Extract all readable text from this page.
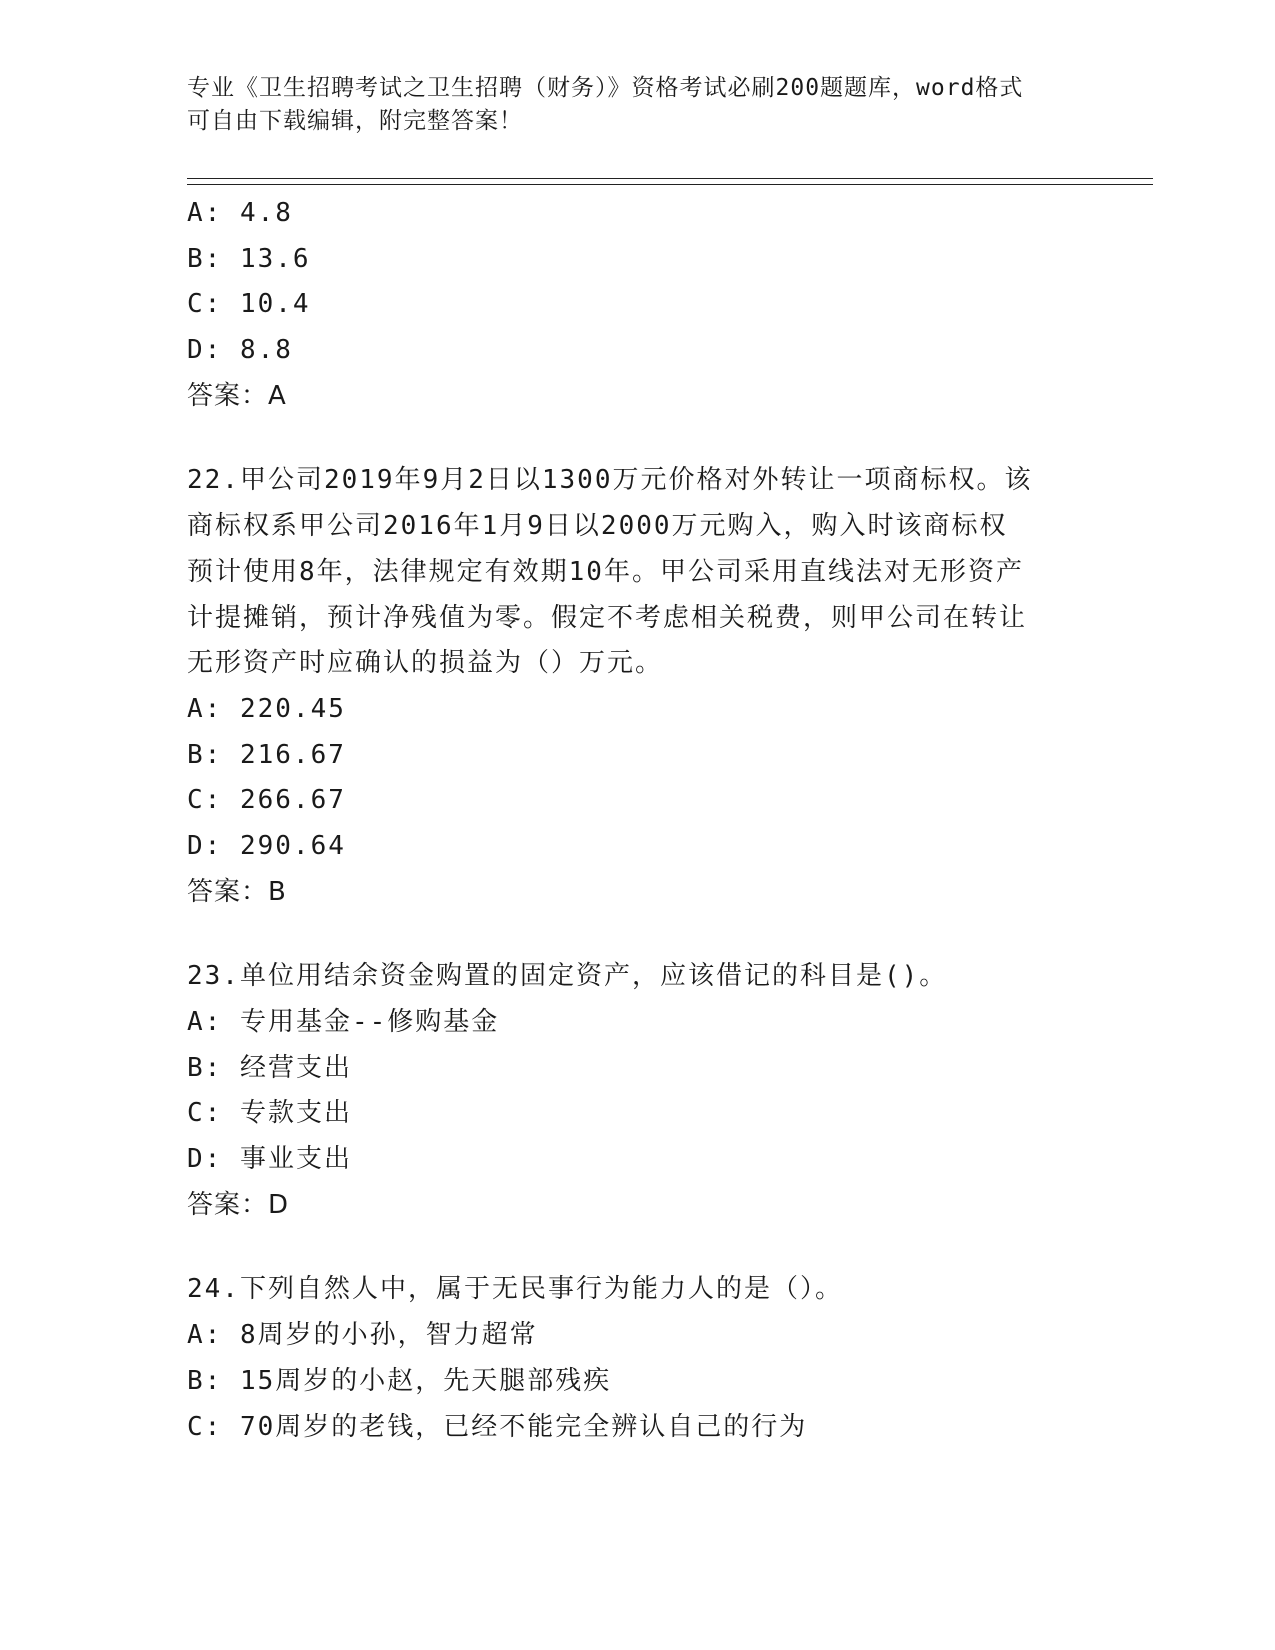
专业《卫生招聘考试之卫生招聘（财务）》资格考试必刷200题题库，word格式
可自由下载编辑，附完整答案！
A: 4.8
B: 13.6
C: 10.4
D: 8.8
答案：A
22.甲公司2019年9月2日以1300万元价格对外转让一项商标权。该
商标权系甲公司2016年1月9日以2000万元购入，购入时该商标权
预计使用8年，法律规定有效期10年。甲公司采用直线法对无形资产
计提摊销，预计净残值为零。假定不考虑相关税费，则甲公司在转让
无形资产时应确认的损益为（）万元。
A: 220.45
B: 216.67
C: 266.67
D: 290.64
答案：B
23.单位用结余资金购置的固定资产，应该借记的科目是()。
A: 专用基金--修购基金
B: 经营支出
C: 专款支出
D: 事业支出
答案：D
24.下列自然人中，属于无民事行为能力人的是（）。
A: 8周岁的小孙，智力超常
B: 15周岁的小赵，先天腿部残疾
C: 70周岁的老钱，已经不能完全辨认自己的行为
